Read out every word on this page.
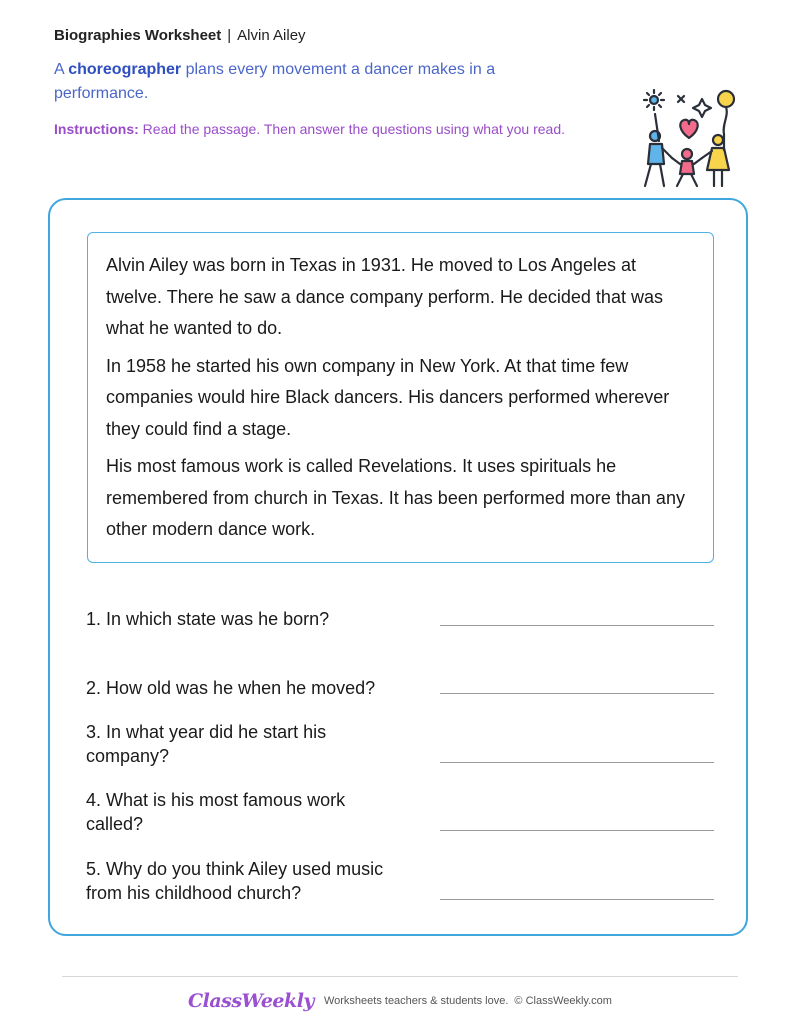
Biographies Worksheet | Alvin Ailey
A choreographer plans every movement a dancer makes in a performance.
Instructions: Read the passage. Then answer the questions using what you read.

Alvin Ailey was born in Texas in 1931. He moved to Los Angeles at twelve. There he saw a dance company perform. He decided that was what he wanted to do.

In 1958 he started his own company in New York. At that time few companies would hire Black dancers. His dancers performed wherever they could find a stage.

His most famous work is called Revelations. It uses spirituals he remembered from church in Texas. It has been performed more than any other modern dance work.

1. In which state was he born?
2. How old was he when he moved?
3. In what year did he start his company?
4. What is his most famous work called?
5. Why do you think Ailey used music from his childhood church?
ClassWeekly Worksheets teachers & students love. © ClassWeekly.com
